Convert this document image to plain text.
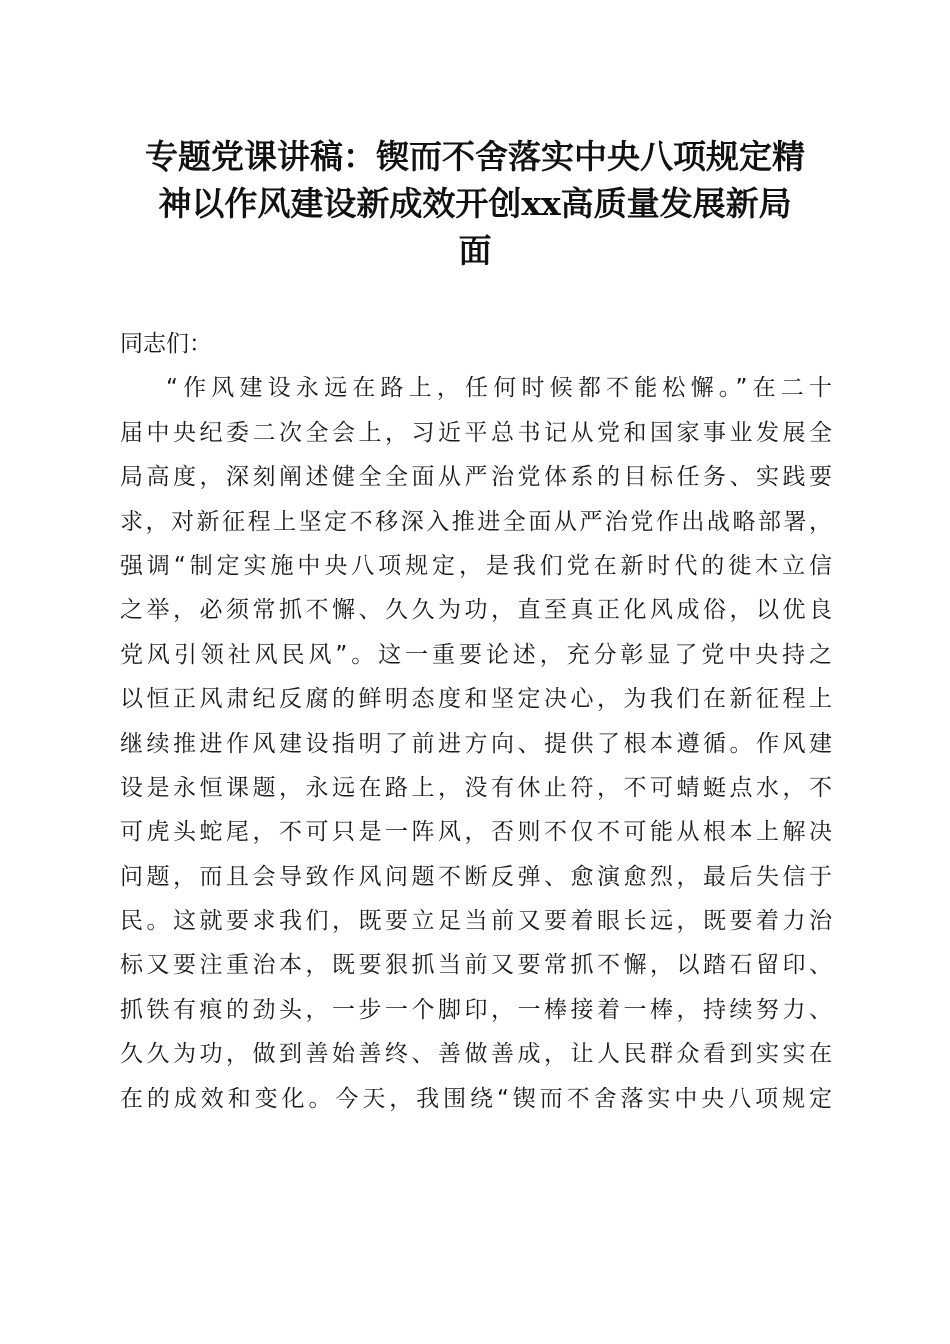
专题党课讲稿：锲而不舍落实中央八项规定精
神以作风建设新成效开创xx高质量发展新局
面
同志们：
“作风建设永远在路上，任何时候都不能松懈。”在二十
届中央纪委二次全会上，习近平总书记从党和国家事业发展全
局高度，深刻阐述健全全面从严治党体系的目标任务、实践要
求，对新征程上坚定不移深入推进全面从严治党作出战略部署，
强调“制定实施中央八项规定，是我们党在新时代的徙木立信
之举，必须常抓不懈、久久为功，直至真正化风成俗，以优良
党风引领社风民风”。这一重要论述，充分彰显了党中央持之
以恒正风肃纪反腐的鲜明态度和坚定决心，为我们在新征程上
继续推进作风建设指明了前进方向、提供了根本遵循。作风建
设是永恒课题，永远在路上，没有休止符，不可蜻蜓点水，不
可虎头蛇尾，不可只是一阵风，否则不仅不可能从根本上解决
问题，而且会导致作风问题不断反弹、愈演愈烈，最后失信于
民。这就要求我们，既要立足当前又要着眼长远，既要着力治
标又要注重治本，既要狠抓当前又要常抓不懈，以踏石留印、
抓铁有痕的劲头，一步一个脚印，一棒接着一棒，持续努力、
久久为功，做到善始善终、善做善成，让人民群众看到实实在
在的成效和变化。今天，我围绕“锲而不舍落实中央八项规定
